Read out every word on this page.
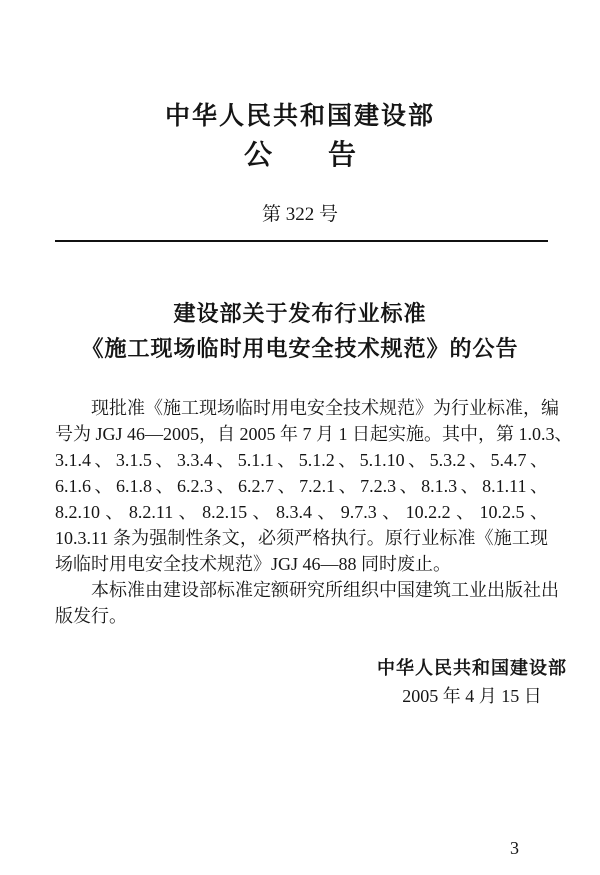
中华人民共和国建设部
公　　告
第 322 号
建设部关于发布行业标准
《施工现场临时用电安全技术规范》的公告
现批准《施工现场临时用电安全技术规范》为行业标准，编
号为 JGJ 46—2005，自 2005 年 7 月 1 日起实施。其中，第 1.0.3、
3.1.4、3.1.5、3.3.4、5.1.1、5.1.2、5.1.10、5.3.2、5.4.7、
6.1.6、6.1.8、6.2.3、6.2.7、7.2.1、7.2.3、8.1.3、8.1.11、
8.2.10、8.2.11、8.2.15、8.3.4、9.7.3、10.2.2、10.2.5、
10.3.11 条为强制性条文，必须严格执行。原行业标准《施工现
场临时用电安全技术规范》JGJ 46—88 同时废止。
本标准由建设部标准定额研究所组织中国建筑工业出版社出
版发行。
中华人民共和国建设部
2005 年 4 月 15 日
3
